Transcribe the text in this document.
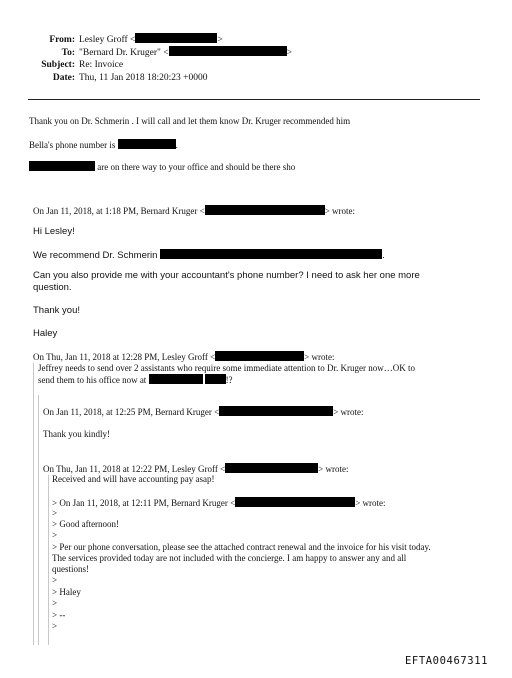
From: Lesley Groff <	>
To: "Bernard Dr. Kruger" <	>
Subject: Re: Invoice
Date: Thu, 11 Jan 2018 18:20:23 +0000
Thank you on Dr. Schmerin . I will call and let them know Dr. Kruger recommended him
Bella's phone number is	.
are on there way to your office and should be there sho
On Jan 11, 2018, at 1:18 PM, Bernard Kruger <	> wrote:
Hi Lesley!
We recommend Dr. Schmerin	.
Can you also provide me with your accountant's phone number? I need to ask her one more question.
Thank you!
Haley
On Thu, Jan 11, 2018 at 12:28 PM, Lesley Groff <	> wrote:
Jeffrey needs to send over 2 assistants who require some immediate attention to Dr. Kruger now…OK to
send them to his office now at	!?
On Jan 11, 2018, at 12:25 PM, Bernard Kruger <	> wrote:
Thank you kindly!
On Thu, Jan 11, 2018 at 12:22 PM, Lesley Groff <	> wrote:
Received and will have accounting pay asap!
> On Jan 11, 2018, at 12:11 PM, Bernard Kruger <	> wrote:
>
> Good afternoon!
>
> Per our phone conversation, please see the attached contract renewal and the invoice for his visit today.
The services provided today are not included with the concierge. I am happy to answer any and all
questions!
>
> Haley
>
> --
>
EFTA00467311
